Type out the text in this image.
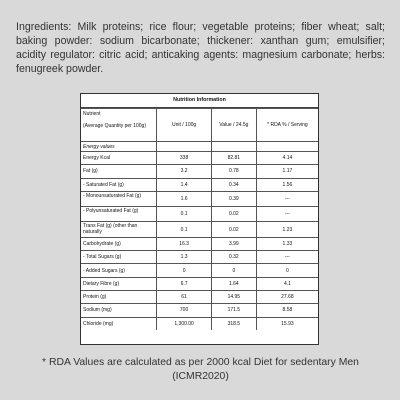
Ingredients: Milk proteins; rice flour; vegetable proteins; fiber wheat; salt; baking powder: sodium bicarbonate; thickener: xanthan gum; emulsifier; acidity regulator: citric acid; anticaking agents: magnesium carbonate; herbs: fenugreek powder.

Nutrition Information
Nutrient
(Average Quantity per 100g)	Unit / 100g	Value / 24.5g	* RDA % / Serving
Energy values			
Energy Kcal	338	82.81	4.14
Fat (g)	3.2	0.78	1.17
- Saturated Fat (g)	1.4	0.34	1.56
- Monounsaturated Fat (g)	1.6	0.39	---
- Polyunsaturated Fat (g)	0.1	0.02	---
Trans Fat (g) (other than naturally	0.1	0.02	1.23
Carbohydrate (g)	16.3	3.99	1.33
- Total Sugars (g)	1.3	0.32	---
- Added Sugars (g)	0	0	0
Dietary Fibre (g)	6.7	1.64	4.1
Protein (g)	61	14.95	27.68
Sodium (mg)	700	171.5	8.58
Chloride (mg)	1,300.00	318.5	15.93

* RDA Values are calculated as per 2000 kcal Diet for sedentary Men (ICMR2020)
